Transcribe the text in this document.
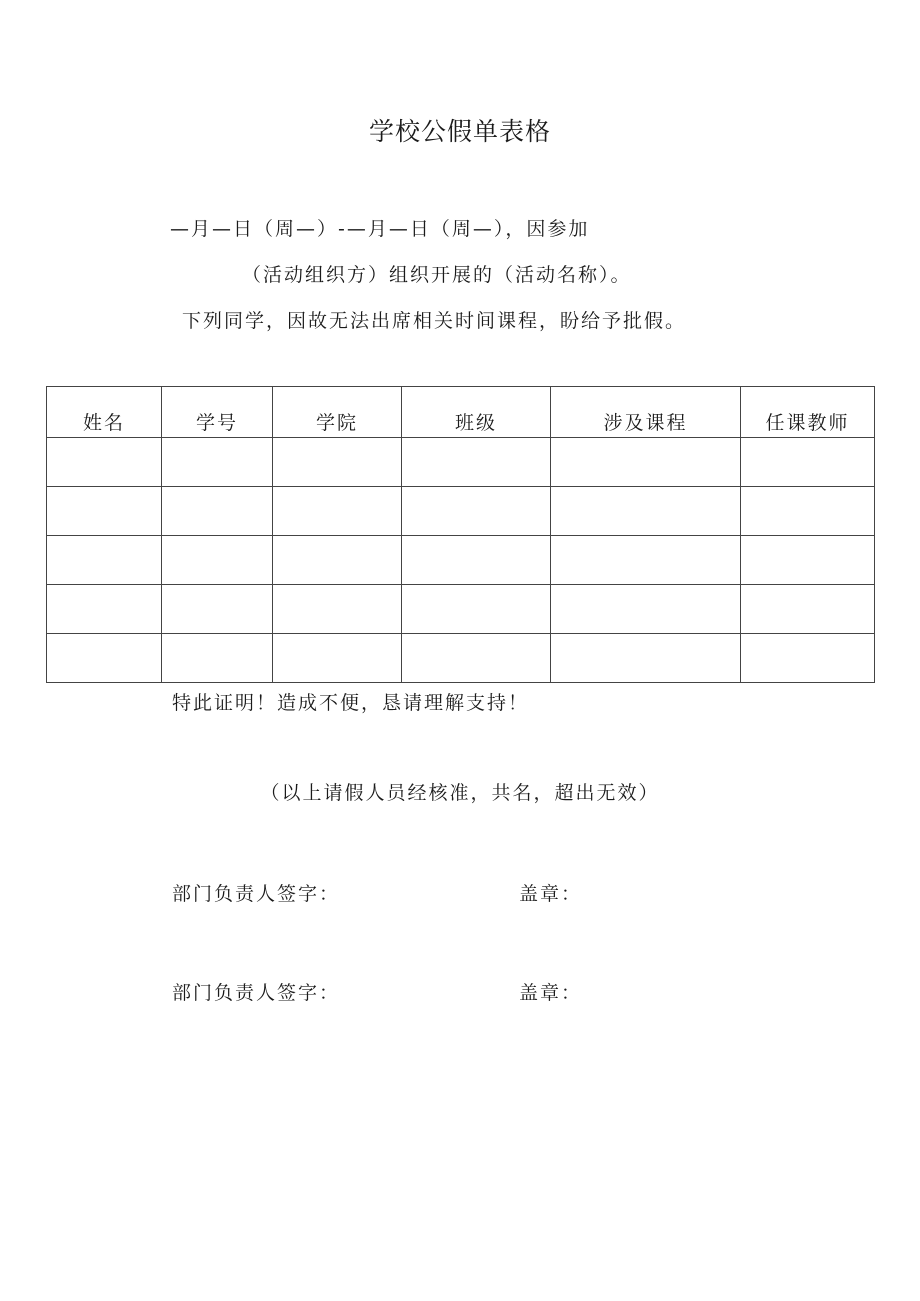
学校公假单表格
—月—日（周—）-—月—日（周—），因参加
（活动组织方）组织开展的（活动名称）。
下列同学，因故无法出席相关时间课程，盼给予批假。
姓名	学号	学院	班级	涉及课程	任课教师

特此证明！造成不便，恳请理解支持！
（以上请假人员经核准，共名，超出无效）
部门负责人签字：	盖章：
部门负责人签字：	盖章：
